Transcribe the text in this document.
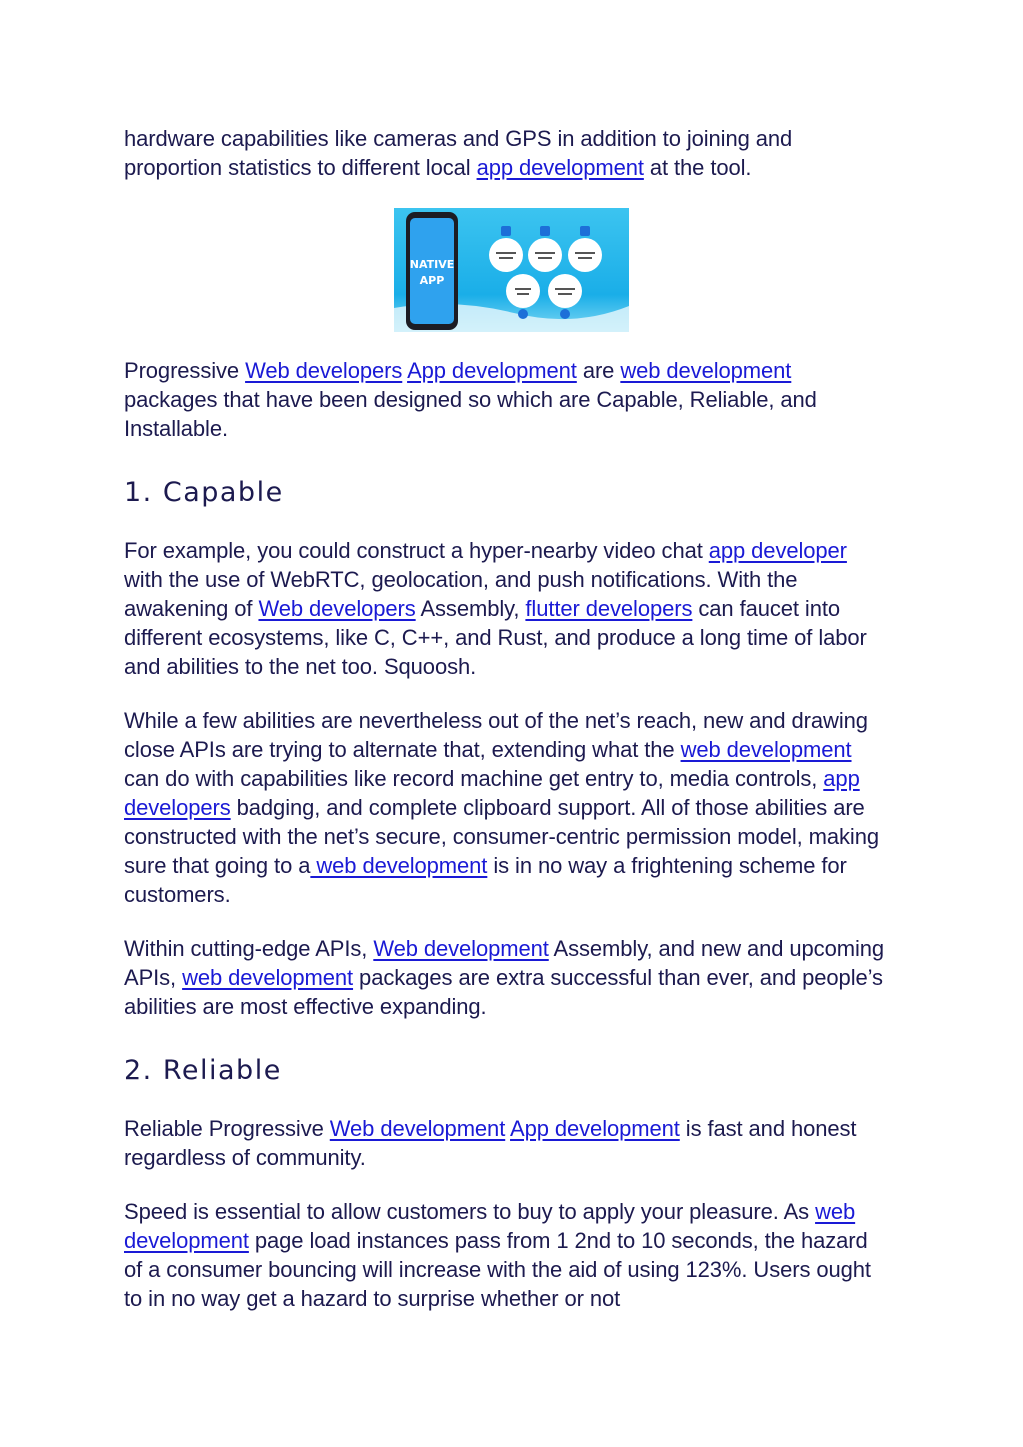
hardware capabilities like cameras and GPS in addition to joining and proportion statistics to different local app development at the tool.

NATIVE
APP

Progressive Web developers App development are web development packages that have been designed so which are Capable, Reliable, and Installable.

1. Capable

For example, you could construct a hyper-nearby video chat app developer with the use of WebRTC, geolocation, and push notifications. With the awakening of Web developers Assembly, flutter developers can faucet into different ecosystems, like C, C++, and Rust, and produce a long time of labor and abilities to the net too. Squoosh.

While a few abilities are nevertheless out of the net’s reach, new and drawing close APIs are trying to alternate that, extending what the web development can do with capabilities like record machine get entry to, media controls, app developers badging, and complete clipboard support. All of those abilities are constructed with the net’s secure, consumer-centric permission model, making sure that going to a web development is in no way a frightening scheme for customers.

Within cutting-edge APIs, Web development Assembly, and new and upcoming APIs, web development packages are extra successful than ever, and people’s abilities are most effective expanding.

2. Reliable

Reliable Progressive Web development App development is fast and honest regardless of community.

Speed is essential to allow customers to buy to apply your pleasure. As web development page load instances pass from 1 2nd to 10 seconds, the hazard of a consumer bouncing will increase with the aid of using 123%. Users ought to in no way get a hazard to surprise whether or not
